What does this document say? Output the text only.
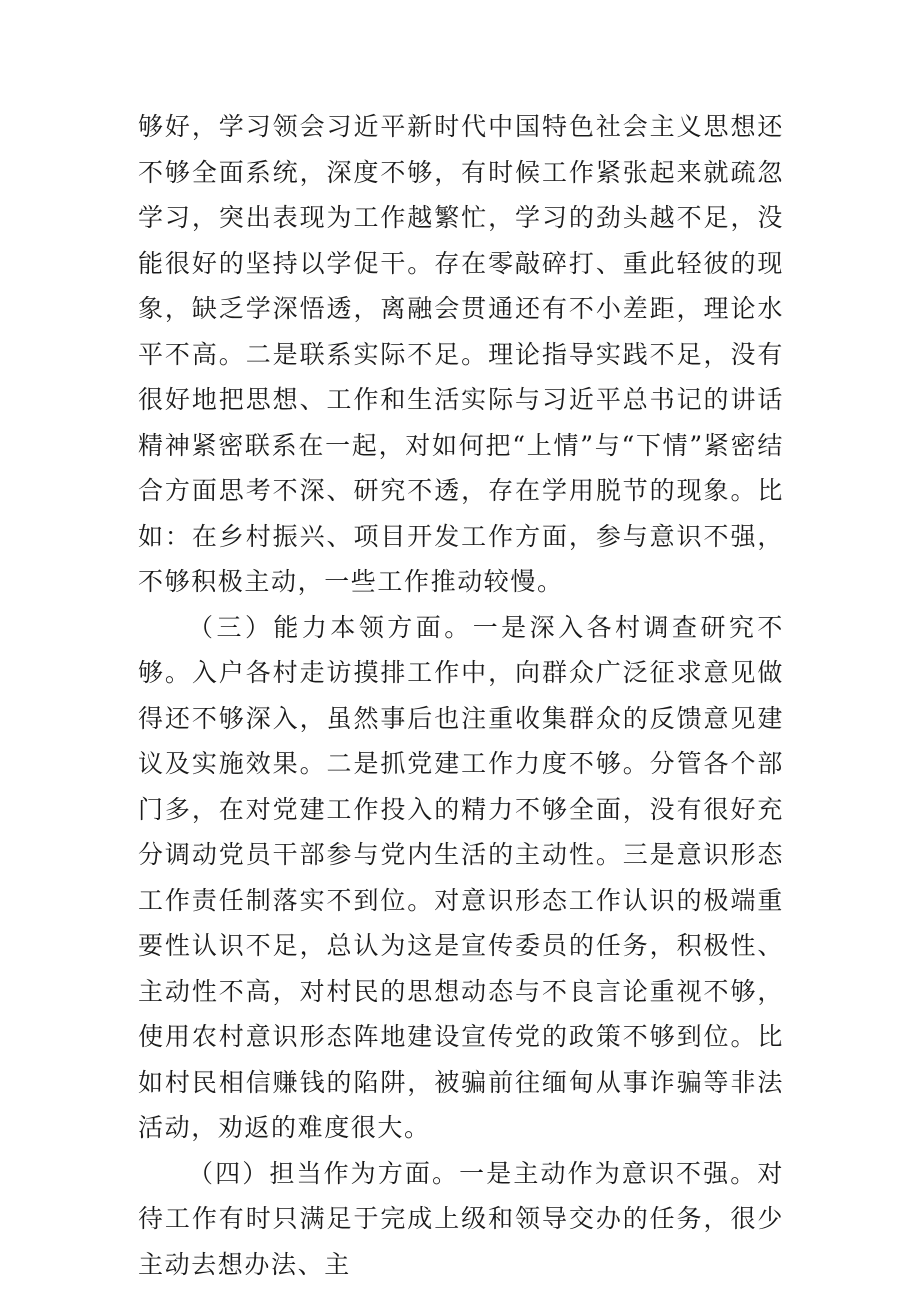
够好，学习领会习近平新时代中国特色社会主义思想还不够全面系统，深度不够，有时候工作紧张起来就疏忽学习，突出表现为工作越繁忙，学习的劲头越不足，没能很好的坚持以学促干。存在零敲碎打、重此轻彼的现象，缺乏学深悟透，离融会贯通还有不小差距，理论水平不高。二是联系实际不足。理论指导实践不足，没有很好地把思想、工作和生活实际与习近平总书记的讲话精神紧密联系在一起，对如何把“上情”与“下情”紧密结合方面思考不深、研究不透，存在学用脱节的现象。比如：在乡村振兴、项目开发工作方面，参与意识不强，不够积极主动，一些工作推动较慢。

（三）能力本领方面。一是深入各村调查研究不够。入户各村走访摸排工作中，向群众广泛征求意见做得还不够深入，虽然事后也注重收集群众的反馈意见建议及实施效果。二是抓党建工作力度不够。分管各个部门多，在对党建工作投入的精力不够全面，没有很好充分调动党员干部参与党内生活的主动性。三是意识形态工作责任制落实不到位。对意识形态工作认识的极端重要性认识不足，总认为这是宣传委员的任务，积极性、主动性不高，对村民的思想动态与不良言论重视不够，使用农村意识形态阵地建设宣传党的政策不够到位。比如村民相信赚钱的陷阱，被骗前往缅甸从事诈骗等非法活动，劝返的难度很大。

（四）担当作为方面。一是主动作为意识不强。对待工作有时只满足于完成上级和领导交办的任务，很少主动去想办法、主
